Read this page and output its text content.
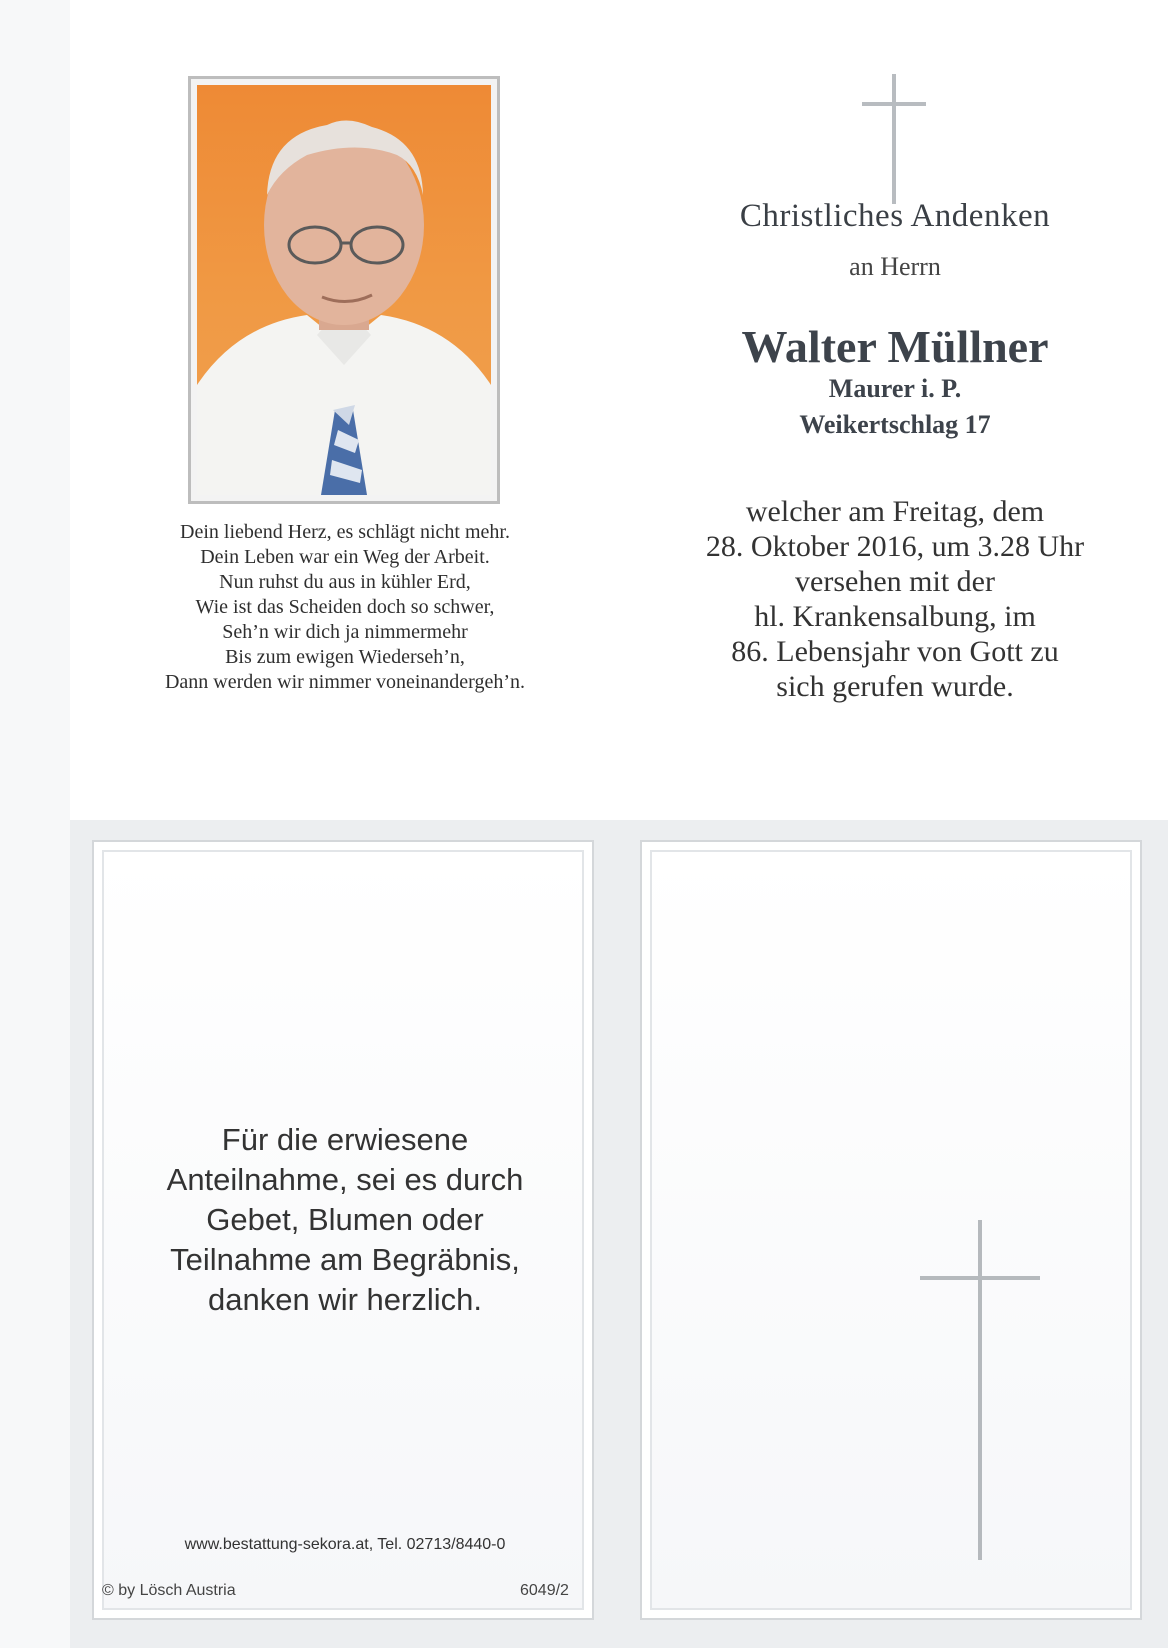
Dein liebend Herz, es schlägt nicht mehr.
Dein Leben war ein Weg der Arbeit.
Nun ruhst du aus in kühler Erd,
Wie ist das Scheiden doch so schwer,
Seh’n wir dich ja nimmermehr
Bis zum ewigen Wiederseh’n,
Dann werden wir nimmer voneinandergeh’n.
Christliches Andenken
an Herrn
Walter Müllner
Maurer i. P.
Weikertschlag 17
welcher am Freitag, dem
28. Oktober 2016, um 3.28 Uhr
versehen mit der
hl. Krankensalbung, im
86. Lebensjahr von Gott zu
sich gerufen wurde.
Für die erwiesene
Anteilnahme, sei es durch
Gebet, Blumen oder
Teilnahme am Begräbnis,
danken wir herzlich.
www.bestattung-sekora.at, Tel. 02713/8440-0
© by Lösch Austria	6049/2
